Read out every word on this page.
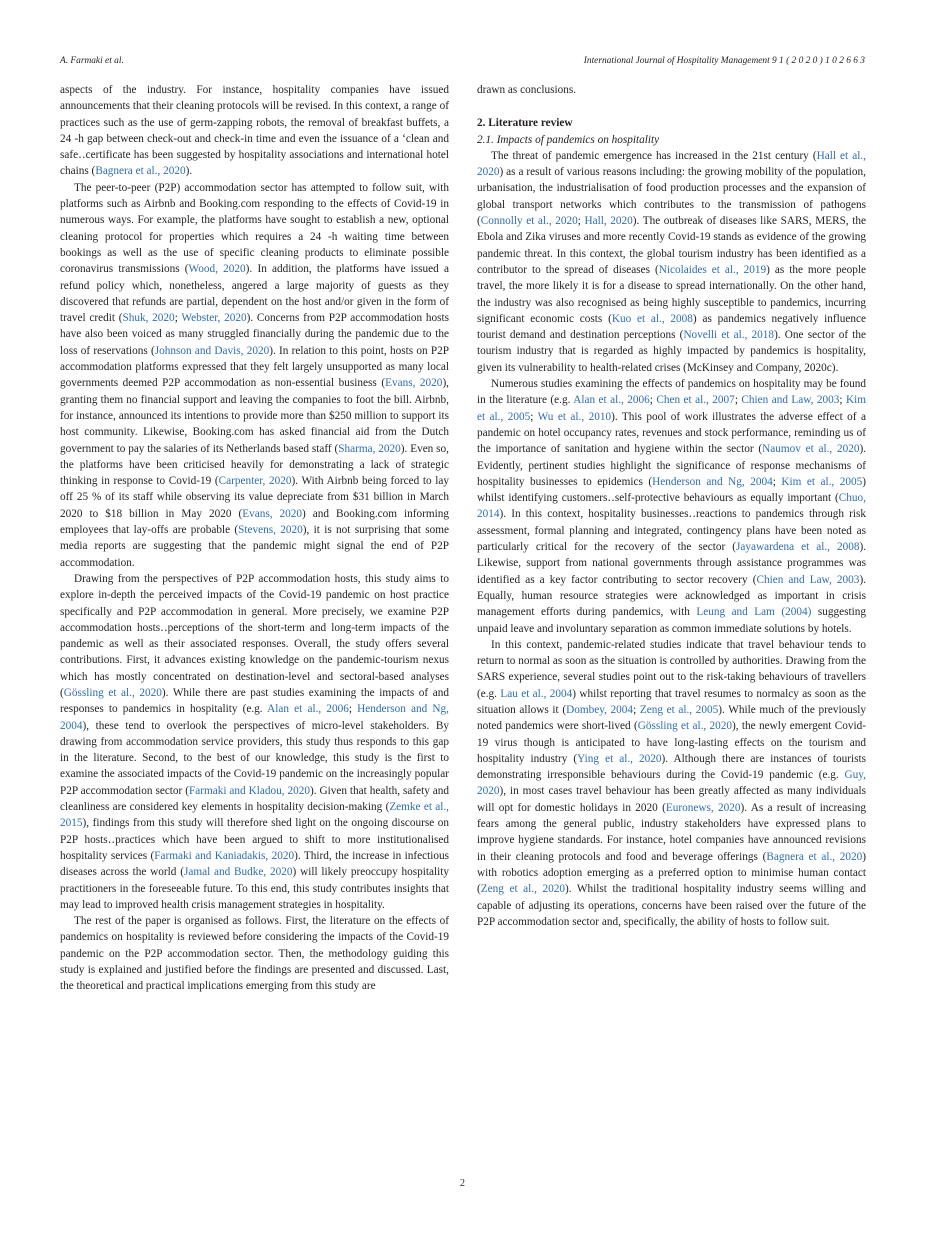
A. Farmaki et al.	International Journal of Hospitality Management 9 1 ( 2 0 2 0 ) 1 0 2 6 6 3

aspects of the industry. For instance, hospitality companies have issued announcements that their cleaning protocols will be revised. In this context, a range of practices such as the use of germ-zapping robots, the removal of breakfast buffets, a 24 -h gap between check-out and check-in time and even the issuance of a ‘clean and safe‥certificate has been suggested by hospitality associations and international hotel chains (Bagnera et al., 2020).

The peer-to-peer (P2P) accommodation sector has attempted to follow suit, with platforms such as Airbnb and Booking.com responding to the effects of Covid-19 in numerous ways. For example, the platforms have sought to establish a new, optional cleaning protocol for properties which requires a 24 -h waiting time between bookings as well as the use of specific cleaning products to eliminate possible coronavirus transmissions (Wood, 2020). In addition, the platforms have issued a refund policy which, nonetheless, angered a large majority of guests as they discovered that refunds are partial, dependent on the host and/or given in the form of travel credit (Shuk, 2020; Webster, 2020). Concerns from P2P accommodation hosts have also been voiced as many struggled financially during the pandemic due to the loss of reservations (Johnson and Davis, 2020). In relation to this point, hosts on P2P accommodation platforms expressed that they felt largely unsupported as many local governments deemed P2P accommodation as non-essential business (Evans, 2020), granting them no financial support and leaving the companies to foot the bill. Airbnb, for instance, announced its intentions to provide more than $250 million to support its host community. Likewise, Booking.com has asked financial aid from the Dutch government to pay the salaries of its Netherlands based staff (Sharma, 2020). Even so, the platforms have been criticised heavily for demonstrating a lack of strategic thinking in response to Covid-19 (Carpenter, 2020). With Airbnb being forced to lay off 25 % of its staff while observing its value depreciate from $31 billion in March 2020 to $18 billion in May 2020 (Evans, 2020) and Booking.com informing employees that lay-offs are probable (Stevens, 2020), it is not surprising that some media reports are suggesting that the pandemic might signal the end of P2P accommodation.

Drawing from the perspectives of P2P accommodation hosts, this study aims to explore in-depth the perceived impacts of the Covid-19 pandemic on host practice specifically and P2P accommodation in general. More precisely, we examine P2P accommodation hosts‥perceptions of the short-term and long-term impacts of the pandemic as well as their associated responses. Overall, the study offers several contributions. First, it advances existing knowledge on the pandemic-tourism nexus which has mostly concentrated on destination-level and sectoral-based analyses (Gössling et al., 2020). While there are past studies examining the impacts of and responses to pandemics in hospitality (e.g. Alan et al., 2006; Henderson and Ng, 2004), these tend to overlook the perspectives of micro-level stakeholders. By drawing from accommodation service providers, this study thus responds to this gap in the literature. Second, to the best of our knowledge, this study is the first to examine the associated impacts of the Covid-19 pandemic on the increasingly popular P2P accommodation sector (Farmaki and Kladou, 2020). Given that health, safety and cleanliness are considered key elements in hospitality decision-making (Zemke et al., 2015), findings from this study will therefore shed light on the ongoing discourse on P2P hosts‥practices which have been argued to shift to more institutionalised hospitality services (Farmaki and Kaniadakis, 2020). Third, the increase in infectious diseases across the world (Jamal and Budke, 2020) will likely preoccupy hospitality practitioners in the foreseeable future. To this end, this study contributes insights that may lead to improved health crisis management strategies in hospitality.

The rest of the paper is organised as follows. First, the literature on the effects of pandemics on hospitality is reviewed before considering the impacts of the Covid-19 pandemic on the P2P accommodation sector. Then, the methodology guiding this study is explained and justified before the findings are presented and discussed. Last, the theoretical and practical implications emerging from this study are

drawn as conclusions.

2. Literature review

2.1. Impacts of pandemics on hospitality

The threat of pandemic emergence has increased in the 21st century (Hall et al., 2020) as a result of various reasons including: the growing mobility of the population, urbanisation, the industrialisation of food production processes and the expansion of global transport networks which contributes to the transmission of pathogens (Connolly et al., 2020; Hall, 2020). The outbreak of diseases like SARS, MERS, the Ebola and Zika viruses and more recently Covid-19 stands as evidence of the growing pandemic threat. In this context, the global tourism industry has been identified as a contributor to the spread of diseases (Nicolaides et al., 2019) as the more people travel, the more likely it is for a disease to spread internationally. On the other hand, the industry was also recognised as being highly susceptible to pandemics, incurring significant economic costs (Kuo et al., 2008) as pandemics negatively influence tourist demand and destination perceptions (Novelli et al., 2018). One sector of the tourism industry that is regarded as highly impacted by pandemics is hospitality, given its vulnerability to health-related crises (McKinsey and Company, 2020c).

Numerous studies examining the effects of pandemics on hospitality may be found in the literature (e.g. Alan et al., 2006; Chen et al., 2007; Chien and Law, 2003; Kim et al., 2005; Wu et al., 2010). This pool of work illustrates the adverse effect of a pandemic on hotel occupancy rates, revenues and stock performance, reminding us of the importance of sanitation and hygiene within the sector (Naumov et al., 2020). Evidently, pertinent studies highlight the significance of response mechanisms of hospitality businesses to epidemics (Henderson and Ng, 2004; Kim et al., 2005) whilst identifying customers‥self-protective behaviours as equally important (Chuo, 2014). In this context, hospitality businesses‥reactions to pandemics through risk assessment, formal planning and integrated, contingency plans have been noted as particularly critical for the recovery of the sector (Jayawardena et al., 2008). Likewise, support from national governments through assistance programmes was identified as a key factor contributing to sector recovery (Chien and Law, 2003). Equally, human resource strategies were acknowledged as important in crisis management efforts during pandemics, with Leung and Lam (2004) suggesting unpaid leave and involuntary separation as common immediate solutions by hotels.

In this context, pandemic-related studies indicate that travel behaviour tends to return to normal as soon as the situation is controlled by authorities. Drawing from the SARS experience, several studies point out to the risk-taking behaviours of travellers (e.g. Lau et al., 2004) whilst reporting that travel resumes to normalcy as soon as the situation allows it (Dombey, 2004; Zeng et al., 2005). While much of the previously noted pandemics were short-lived (Gössling et al., 2020), the newly emergent Covid-19 virus though is anticipated to have long-lasting effects on the tourism and hospitality industry (Ying et al., 2020). Although there are instances of tourists demonstrating irresponsible behaviours during the Covid-19 pandemic (e.g. Guy, 2020), in most cases travel behaviour has been greatly affected as many individuals will opt for domestic holidays in 2020 (Euronews, 2020). As a result of increasing fears among the general public, industry stakeholders have expressed plans to improve hygiene standards. For instance, hotel companies have announced revisions in their cleaning protocols and food and beverage offerings (Bagnera et al., 2020) with robotics adoption emerging as a preferred option to minimise human contact (Zeng et al., 2020). Whilst the traditional hospitality industry seems willing and capable of adjusting its operations, concerns have been raised over the future of the P2P accommodation sector and, specifically, the ability of hosts to follow suit.

2
